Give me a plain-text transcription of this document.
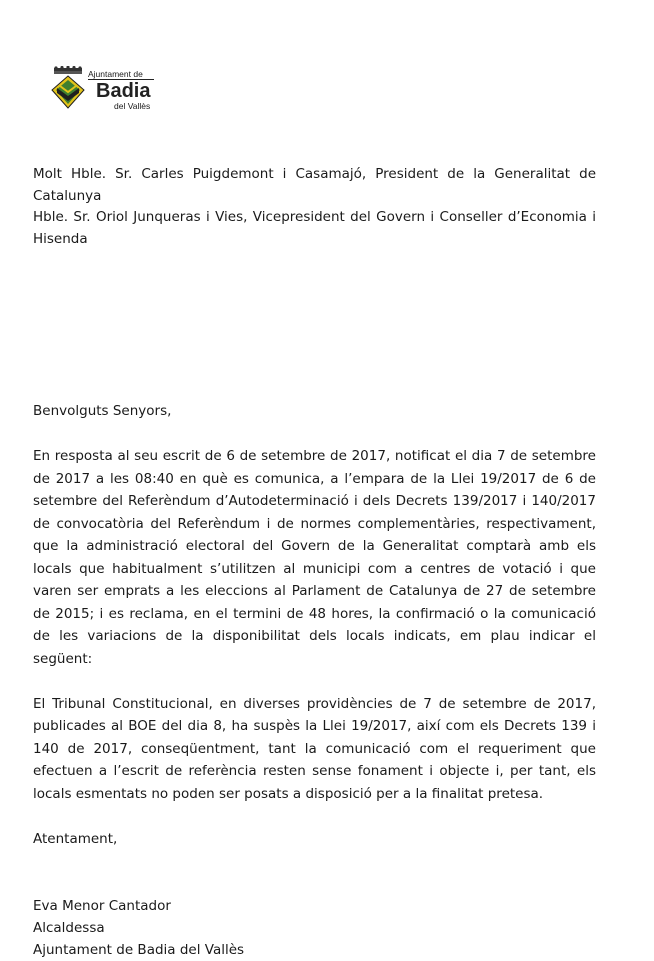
Ajuntament de
Badia
del Vallès

Molt Hble. Sr. Carles Puigdemont i Casamajó, President de la Generalitat de Catalunya

Hble. Sr. Oriol Junqueras i Vies, Vicepresident del Govern i Conseller d’Economia i Hisenda

Benvolguts Senyors,

En resposta al seu escrit de 6 de setembre de 2017, notificat el dia 7 de setembre de 2017 a les 08:40 en què es comunica, a l’empara de la Llei 19/2017 de 6 de setembre del Referèndum d’Autodeterminació i dels Decrets 139/2017 i 140/2017 de convocatòria del Referèndum i de normes complementàries, respectivament, que la administració electoral del Govern de la Generalitat comptarà amb els locals que habitualment s’utilitzen al municipi com a centres de votació i que varen ser emprats a les eleccions al Parlament de Catalunya de 27 de setembre de 2015; i es reclama, en el termini de 48 hores, la confirmació o la comunicació de les variacions de la disponibilitat dels locals indicats, em plau indicar el següent:

El Tribunal Constitucional, en diverses providències de 7 de setembre de 2017, publicades al BOE del dia 8, ha suspès la Llei 19/2017, així com els Decrets 139 i 140 de 2017, conseqüentment, tant la comunicació com el requeriment que efectuen a l’escrit de referència resten sense fonament i objecte i, per tant, els locals esmentats no poden ser posats a disposició per a la finalitat pretesa.

Atentament,

Eva Menor Cantador
Alcaldessa
Ajuntament de Badia del Vallès
